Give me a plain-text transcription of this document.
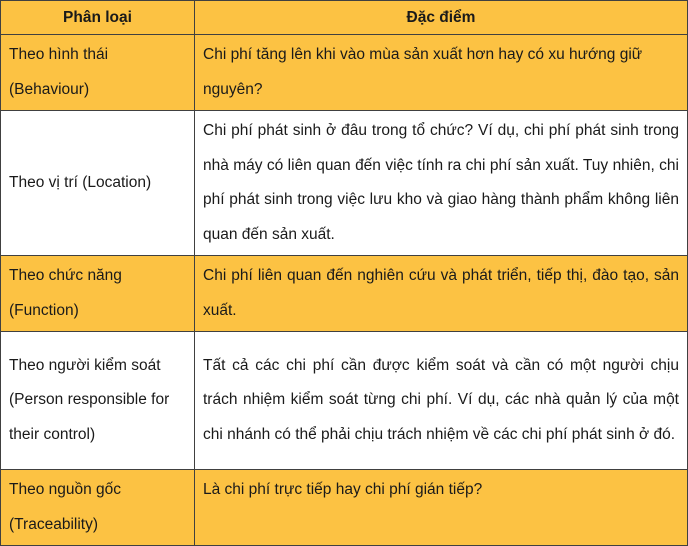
Phân loại	Đặc điểm
Theo hình thái (Behaviour)	Chi phí tăng lên khi vào mùa sản xuất hơn hay có xu hướng giữ nguyên?
Theo vị trí (Location)	Chi phí phát sinh ở đâu trong tổ chức? Ví dụ, chi phí phát sinh trong nhà máy có liên quan đến việc tính ra chi phí sản xuất. Tuy nhiên, chi phí phát sinh trong việc lưu kho và giao hàng thành phẩm không liên quan đến sản xuất.
Theo chức năng (Function)	Chi phí liên quan đến nghiên cứu và phát triển, tiếp thị, đào tạo, sản xuất.
Theo người kiểm soát (Person responsible for their control)	Tất cả các chi phí cần được kiểm soát và cần có một người chịu trách nhiệm kiểm soát từng chi phí. Ví dụ, các nhà quản lý của một chi nhánh có thể phải chịu trách nhiệm về các chi phí phát sinh ở đó.
Theo nguồn gốc (Traceability)	Là chi phí trực tiếp hay chi phí gián tiếp?
